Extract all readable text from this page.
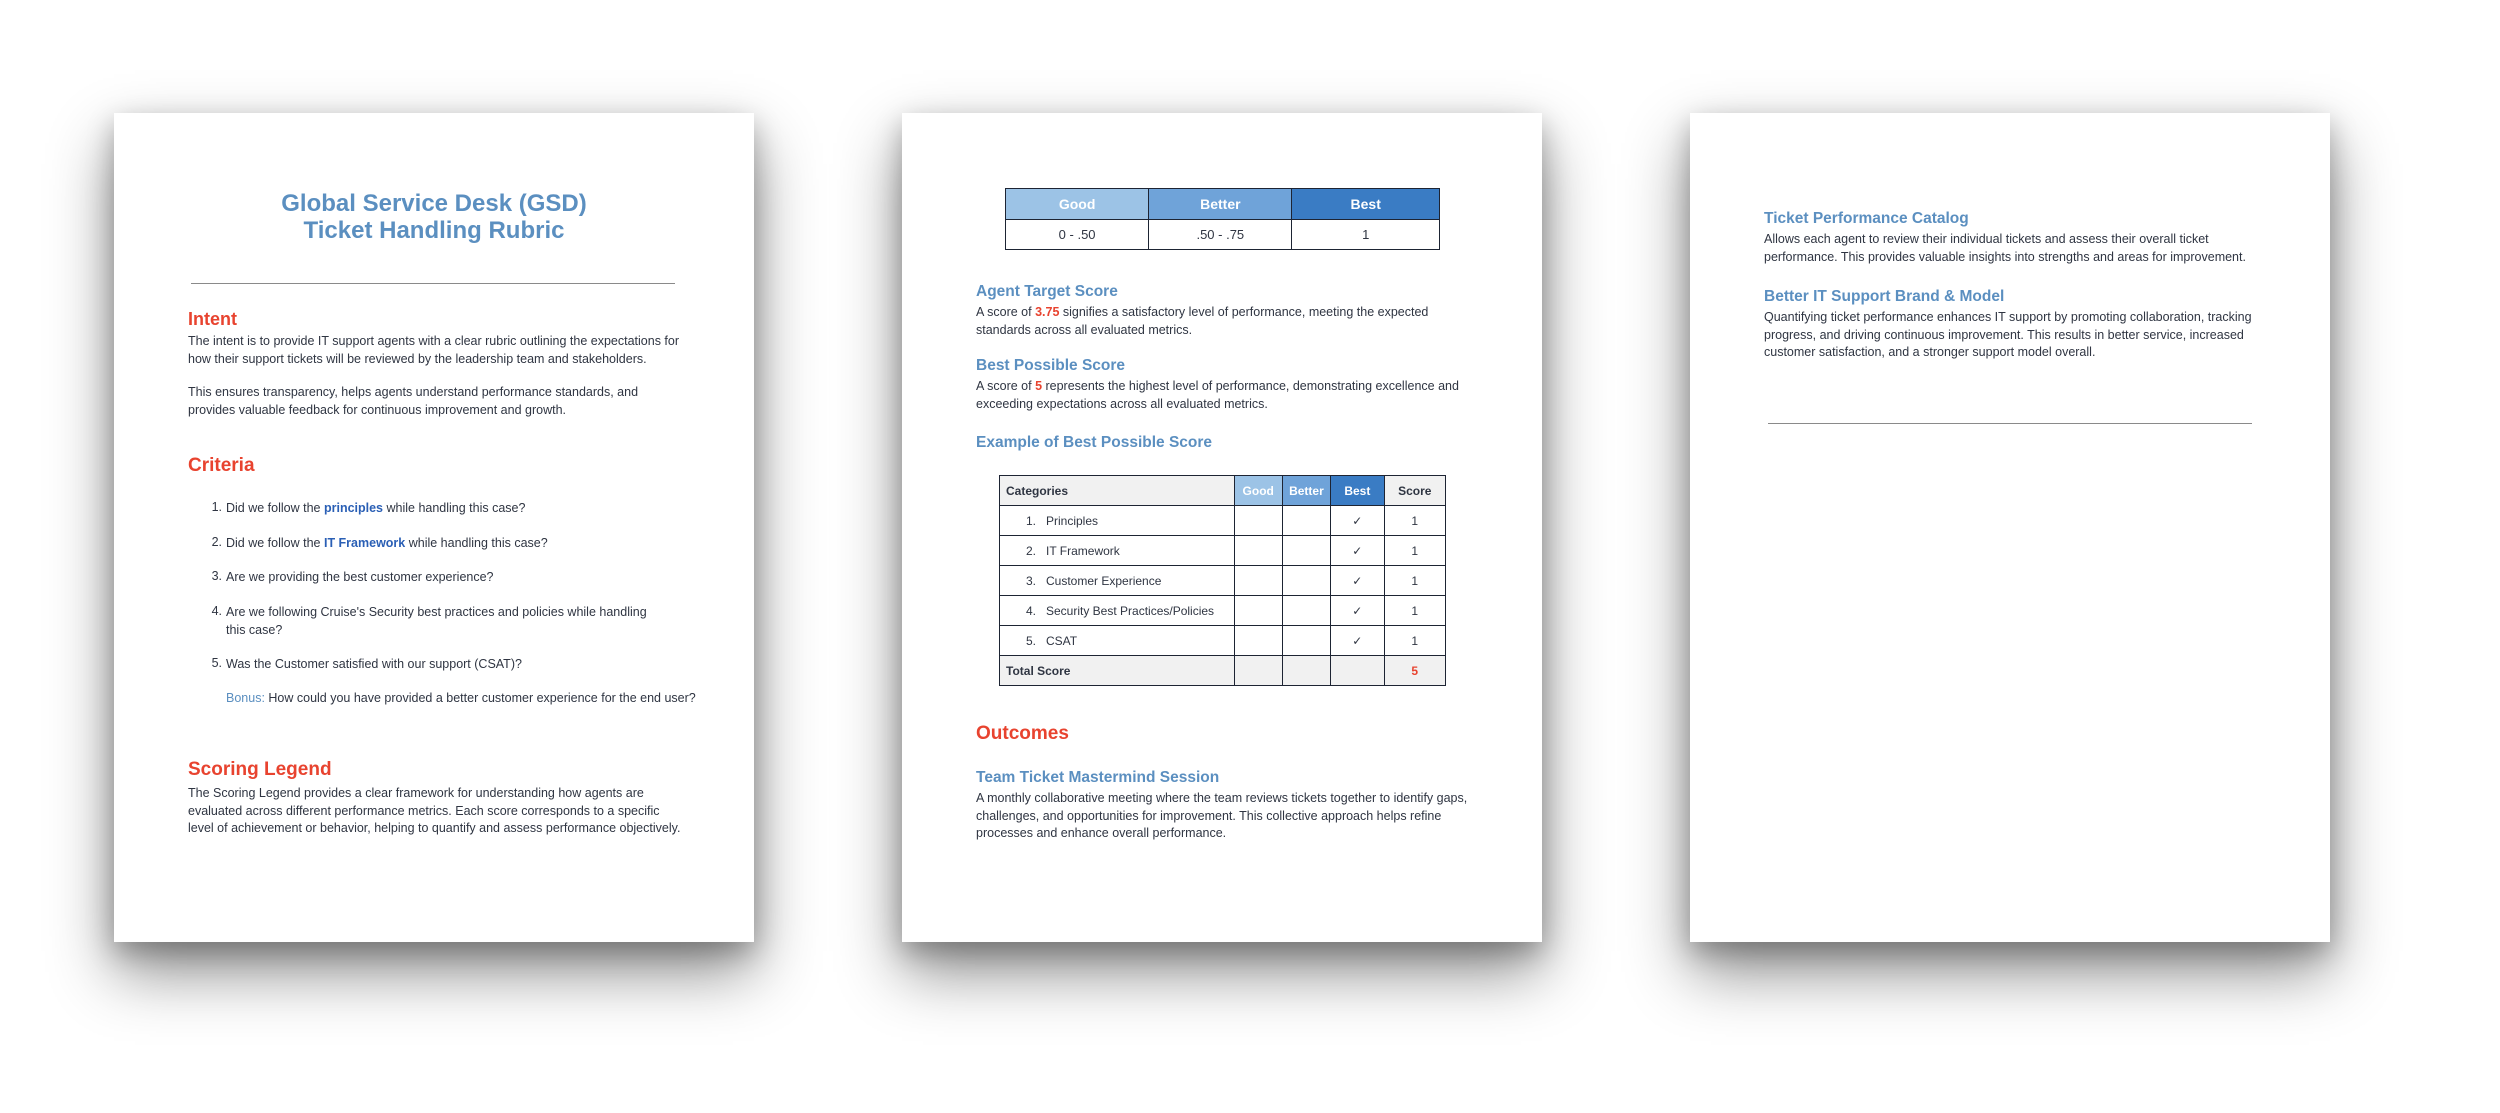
Global Service Desk (GSD)
Ticket Handling Rubric
Intent
The intent is to provide IT support agents with a clear rubric outlining the expectations for how their support tickets will be reviewed by the leadership team and stakeholders.
This ensures transparency, helps agents understand performance standards, and provides valuable feedback for continuous improvement and growth.
Criteria
1. Did we follow the principles while handling this case?
2. Did we follow the IT Framework while handling this case?
3. Are we providing the best customer experience?
4. Are we following Cruise's Security best practices and policies while handling this case?
5. Was the Customer satisfied with our support (CSAT)?
Bonus: How could you have provided a better customer experience for the end user?
Scoring Legend
The Scoring Legend provides a clear framework for understanding how agents are evaluated across different performance metrics. Each score corresponds to a specific level of achievement or behavior, helping to quantify and assess performance objectively.
Good	Better	Best
0 - .50	.50 - .75	1
Agent Target Score
A score of 3.75 signifies a satisfactory level of performance, meeting the expected standards across all evaluated metrics.
Best Possible Score
A score of 5 represents the highest level of performance, demonstrating excellence and exceeding expectations across all evaluated metrics.
Example of Best Possible Score
Categories	Good	Better	Best	Score
1. Principles			✓	1
2. IT Framework			✓	1
3. Customer Experience			✓	1
4. Security Best Practices/Policies			✓	1
5. CSAT			✓	1
Total Score				5
Outcomes
Team Ticket Mastermind Session
A monthly collaborative meeting where the team reviews tickets together to identify gaps, challenges, and opportunities for improvement. This collective approach helps refine processes and enhance overall performance.
Ticket Performance Catalog
Allows each agent to review their individual tickets and assess their overall ticket performance. This provides valuable insights into strengths and areas for improvement.
Better IT Support Brand & Model
Quantifying ticket performance enhances IT support by promoting collaboration, tracking progress, and driving continuous improvement. This results in better service, increased customer satisfaction, and a stronger support model overall.
